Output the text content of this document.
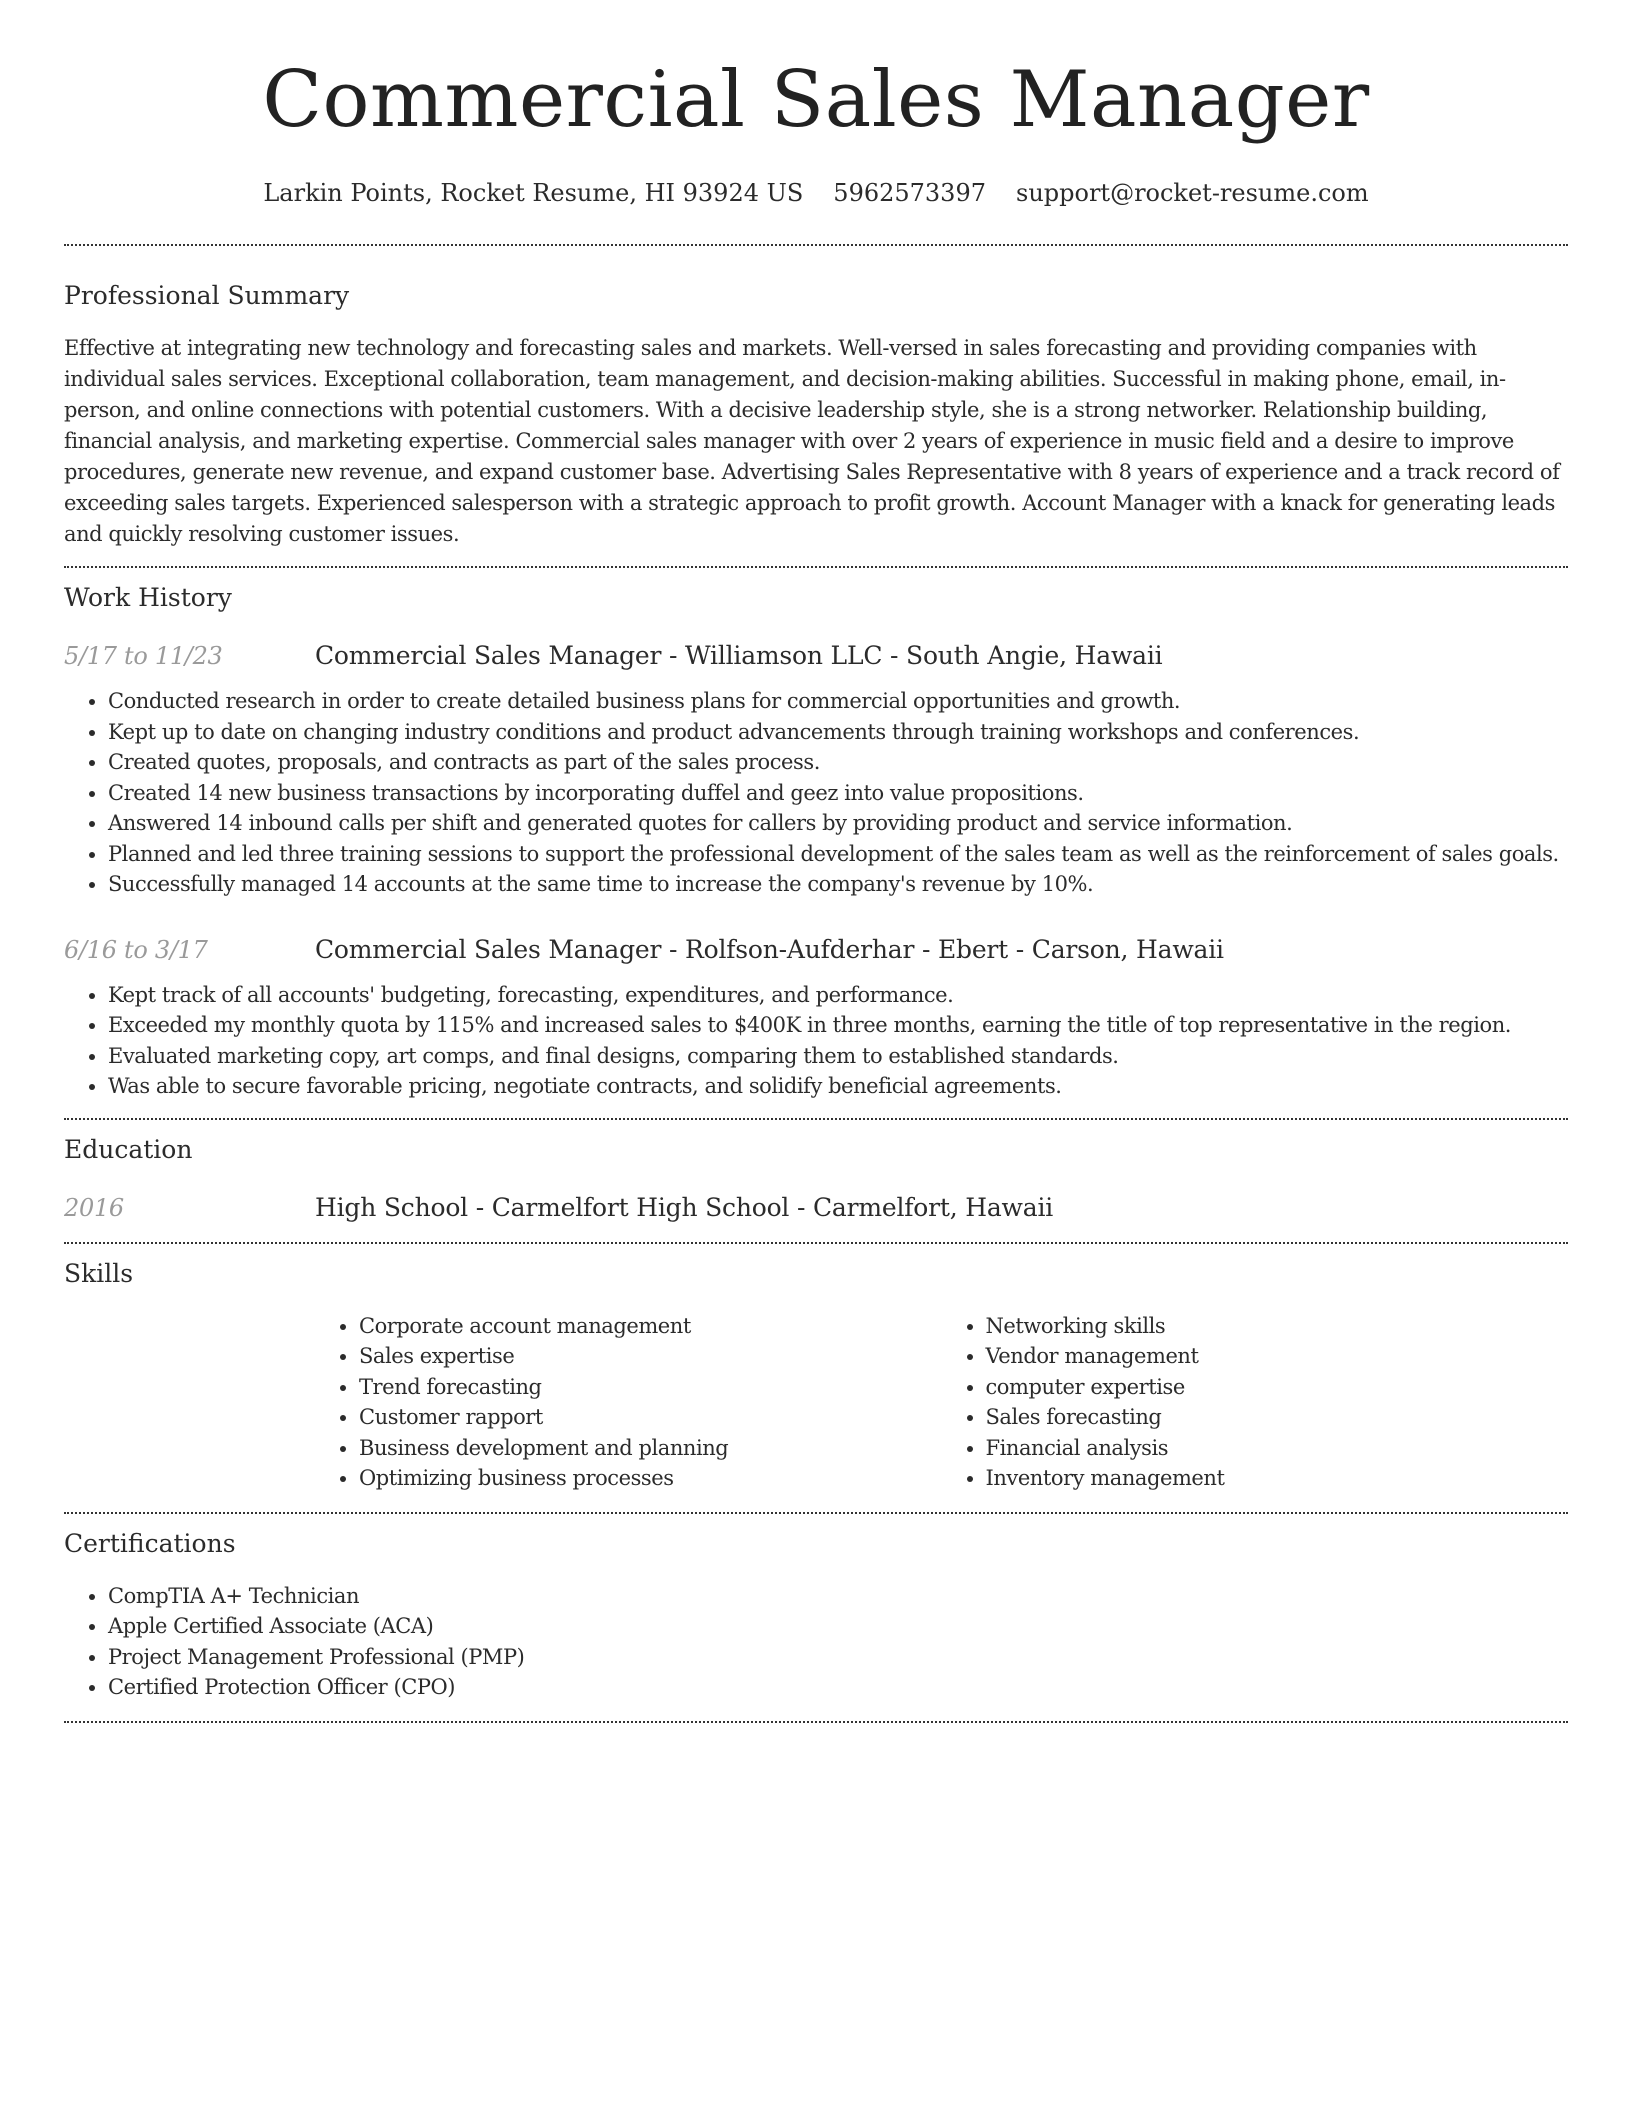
Commercial Sales Manager
Larkin Points, Rocket Resume, HI 93924 US 5962573397 support@rocket-resume.com
Professional Summary

Effective at integrating new technology and forecasting sales and markets. Well-versed in sales forecasting and providing companies with individual sales services. Exceptional collaboration, team management, and decision-making abilities. Successful in making phone, email, in-person, and online connections with potential customers. With a decisive leadership style, she is a strong networker. Relationship building, financial analysis, and marketing expertise. Commercial sales manager with over 2 years of experience in music field and a desire to improve procedures, generate new revenue, and expand customer base. Advertising Sales Representative with 8 years of experience and a track record of exceeding sales targets. Experienced salesperson with a strategic approach to profit growth. Account Manager with a knack for generating leads and quickly resolving customer issues.

Work History
5/17 to 11/23	Commercial Sales Manager - Williamson LLC - South Angie, Hawaii
• Conducted research in order to create detailed business plans for commercial opportunities and growth.
• Kept up to date on changing industry conditions and product advancements through training workshops and conferences.
• Created quotes, proposals, and contracts as part of the sales process.
• Created 14 new business transactions by incorporating duffel and geez into value propositions.
• Answered 14 inbound calls per shift and generated quotes for callers by providing product and service information.
• Planned and led three training sessions to support the professional development of the sales team as well as the reinforcement of sales goals.
• Successfully managed 14 accounts at the same time to increase the company's revenue by 10%.
6/16 to 3/17	Commercial Sales Manager - Rolfson-Aufderhar - Ebert - Carson, Hawaii
• Kept track of all accounts' budgeting, forecasting, expenditures, and performance.
• Exceeded my monthly quota by 115% and increased sales to $400K in three months, earning the title of top representative in the region.
• Evaluated marketing copy, art comps, and final designs, comparing them to established standards.
• Was able to secure favorable pricing, negotiate contracts, and solidify beneficial agreements.
Education
2016	High School - Carmelfort High School - Carmelfort, Hawaii
Skills
• Corporate account management
• Sales expertise
• Trend forecasting
• Customer rapport
• Business development and planning
• Optimizing business processes
• Networking skills
• Vendor management
• computer expertise
• Sales forecasting
• Financial analysis
• Inventory management
Certifications
• CompTIA A+ Technician
• Apple Certified Associate (ACA)
• Project Management Professional (PMP)
• Certified Protection Officer (CPO)
